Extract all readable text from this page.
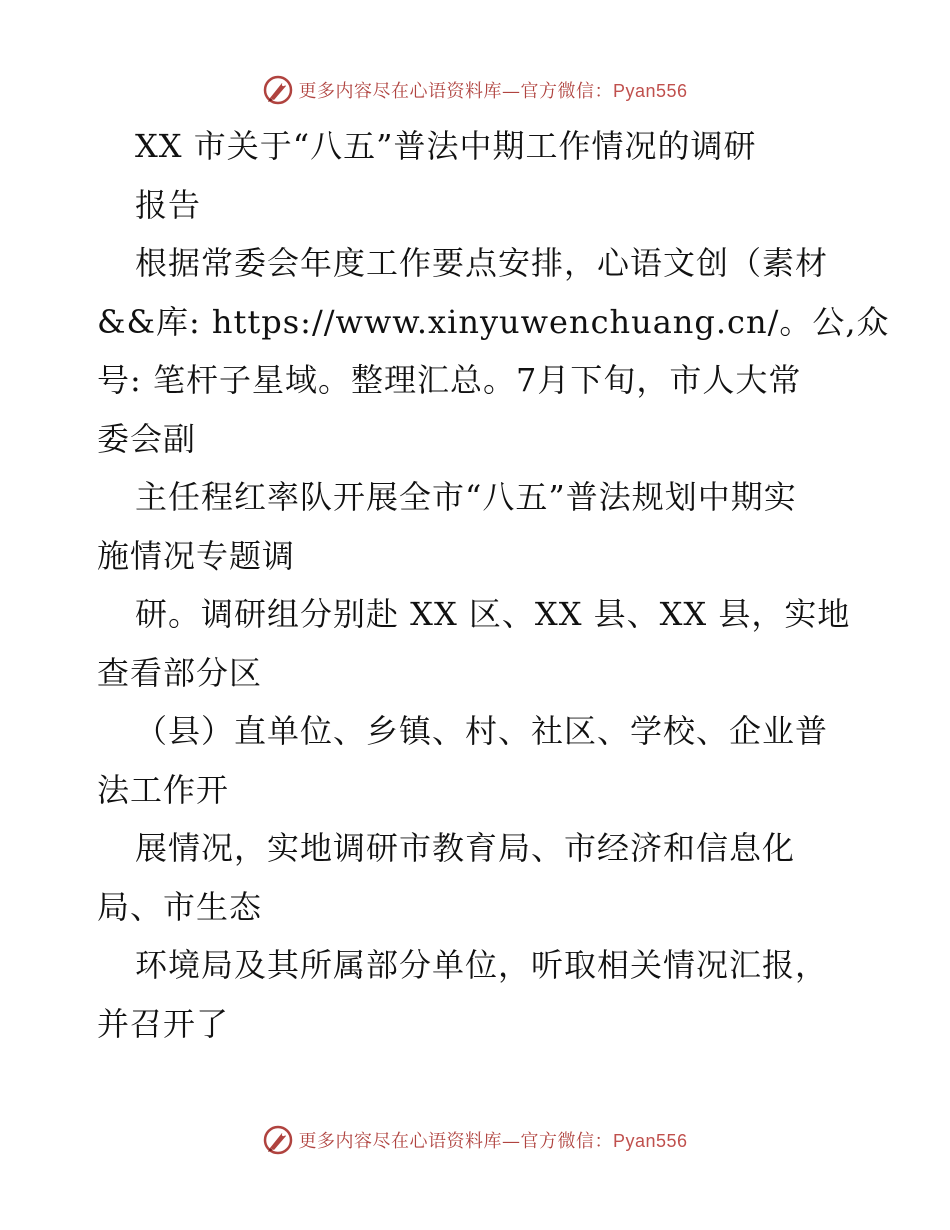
更多内容尽在心语资料库—官方微信：Pyan556
XX 市关于“八五”普法中期工作情况的调研
报告
根据常委会年度工作要点安排，心语文创（素材
&&库: https://www.xinyuwenchuang.cn/。公,众
号: 笔杆子星域。整理汇总。7月下旬，市人大常
委会副
主任程红率队开展全市“八五”普法规划中期实
施情况专题调
研。调研组分别赴 XX 区、XX 县、XX 县，实地
查看部分区
（县）直单位、乡镇、村、社区、学校、企业普
法工作开
展情况，实地调研市教育局、市经济和信息化
局、市生态
环境局及其所属部分单位，听取相关情况汇报，
并召开了
更多内容尽在心语资料库—官方微信：Pyan556
